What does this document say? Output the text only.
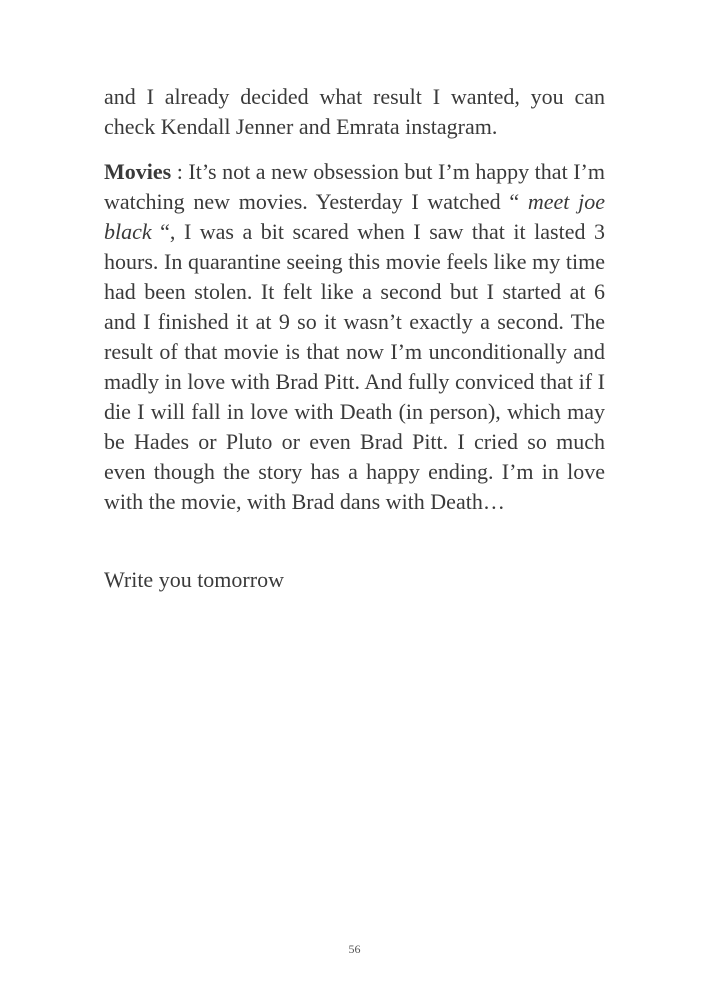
and I already decided what result I wanted, you can check Kendall Jenner and Emrata instagram.

Movies : It’s not a new obsession but I’m happy that I’m watching new movies. Yesterday I watched “ meet joe black “, I was a bit scared when I saw that it lasted 3 hours. In quarantine seeing this movie feels like my time had been stolen. It felt like a second but I started at 6 and I finished it at 9 so it wasn’t exactly a second. The result of that movie is that now I’m unconditionally and madly in love with Brad Pitt. And fully conviced that if I die I will fall in love with Death (in person), which may be Hades or Pluto or even Brad Pitt. I cried so much even though the story has a happy ending. I’m in love with the movie, with Brad dans with Death…

Write you tomorrow

56
